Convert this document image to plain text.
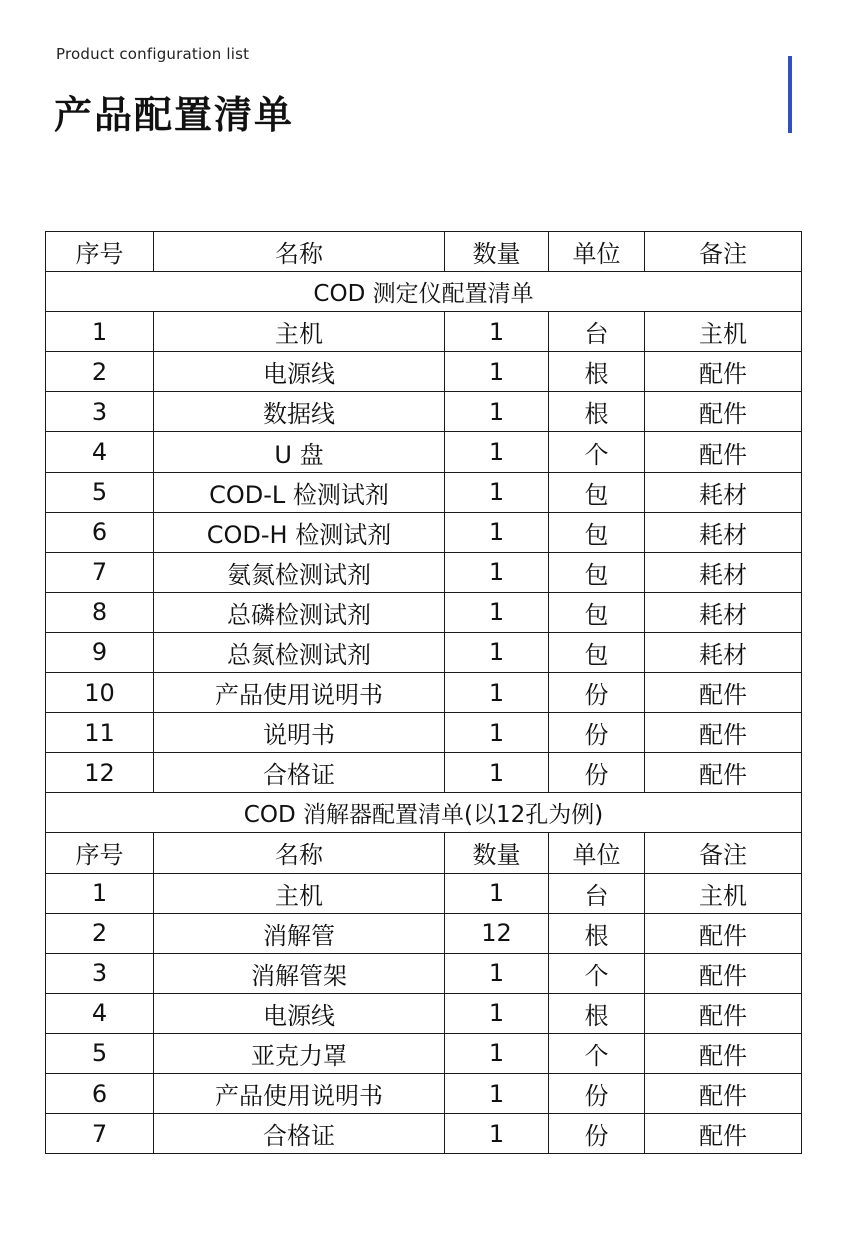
Product configuration list
产品配置清单
序号	名称	数量	单位	备注
COD 测定仪配置清单				
1	主机	1	台	主机
2	电源线	1	根	配件
3	数据线	1	根	配件
4	U 盘	1	个	配件
5	COD-L 检测试剂	1	包	耗材
6	COD-H 检测试剂	1	包	耗材
7	氨氮检测试剂	1	包	耗材
8	总磷检测试剂	1	包	耗材
9	总氮检测试剂	1	包	耗材
10	产品使用说明书	1	份	配件
11	说明书	1	份	配件
12	合格证	1	份	配件
COD 消解器配置清单(以12孔为例)				
序号	名称	数量	单位	备注
1	主机	1	台	主机
2	消解管	12	根	配件
3	消解管架	1	个	配件
4	电源线	1	根	配件
5	亚克力罩	1	个	配件
6	产品使用说明书	1	份	配件
7	合格证	1	份	配件
